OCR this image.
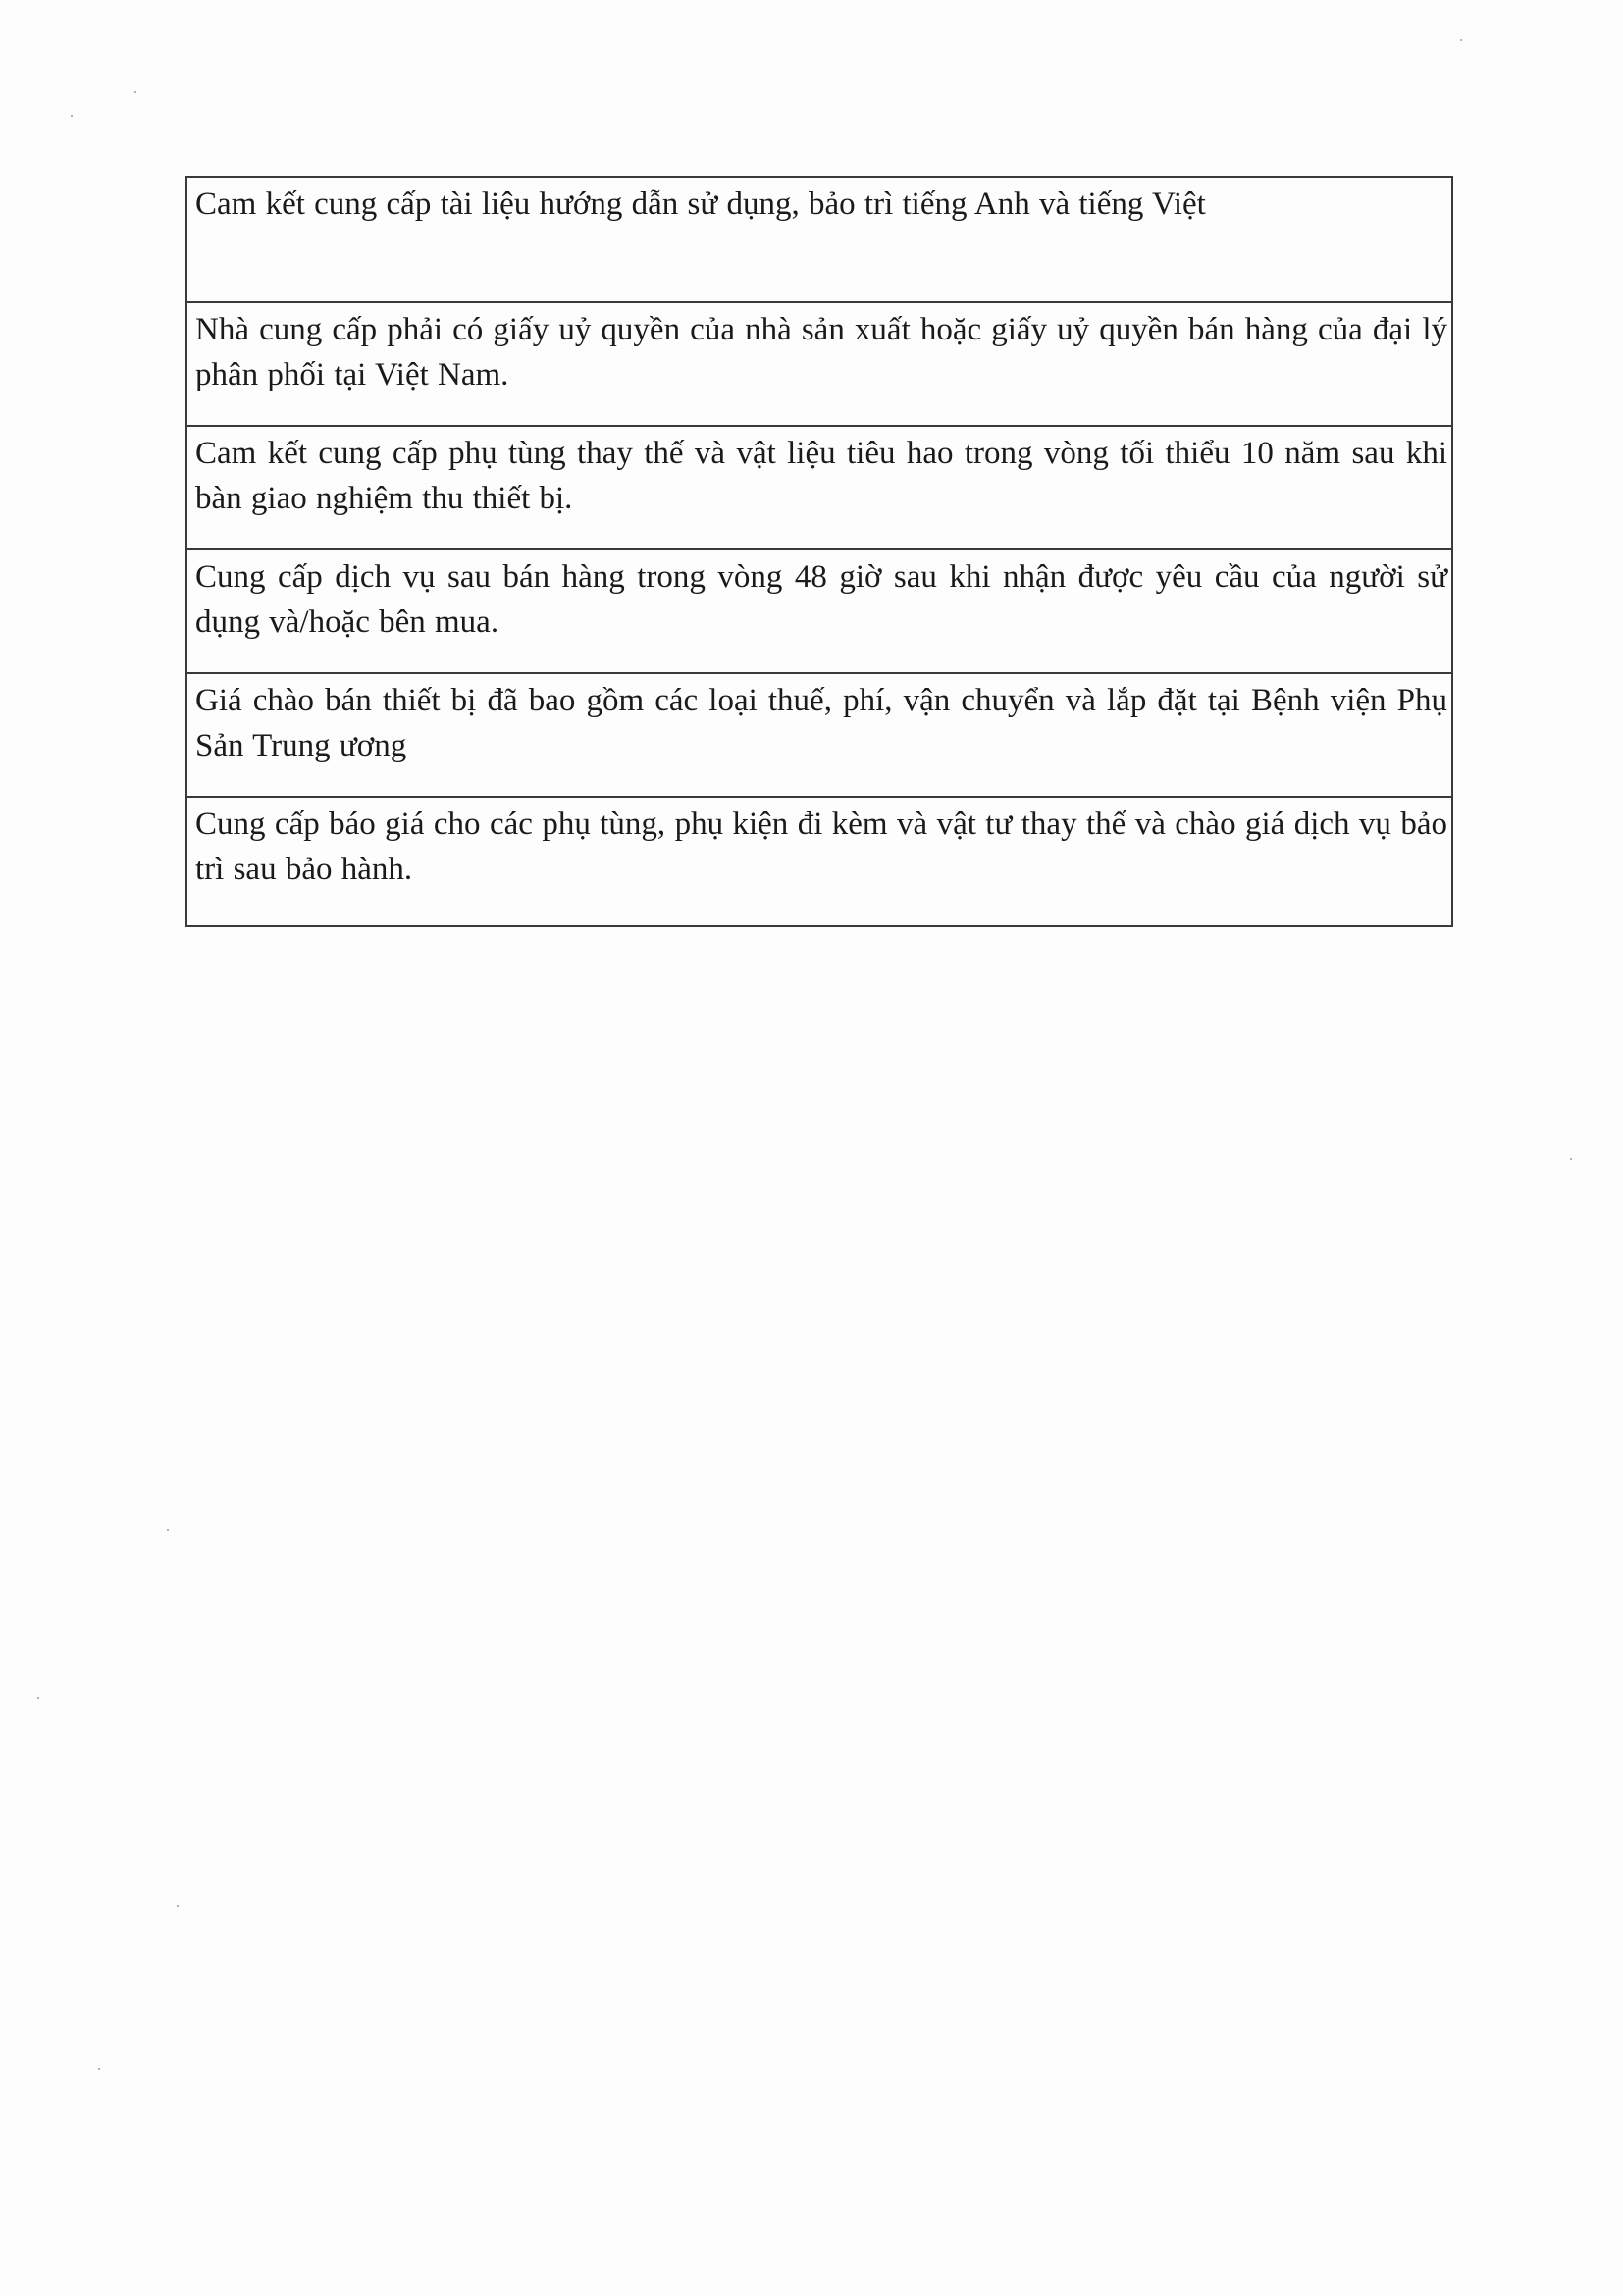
Cam kết cung cấp tài liệu hướng dẫn sử dụng, bảo trì tiếng Anh và tiếng Việt
Nhà cung cấp phải có giấy uỷ quyền của nhà sản xuất hoặc giấy uỷ quyền bán hàng của đại lý phân phối tại Việt Nam.
Cam kết cung cấp phụ tùng thay thế và vật liệu tiêu hao trong vòng tối thiểu 10 năm sau khi bàn giao nghiệm thu thiết bị.
Cung cấp dịch vụ sau bán hàng trong vòng 48 giờ sau khi nhận được yêu cầu của người sử dụng và/hoặc bên mua.
Giá chào bán thiết bị đã bao gồm các loại thuế, phí, vận chuyển và lắp đặt tại Bệnh viện Phụ Sản Trung ương
Cung cấp báo giá cho các phụ tùng, phụ kiện đi kèm và vật tư thay thế và chào giá dịch vụ bảo trì sau bảo hành.
